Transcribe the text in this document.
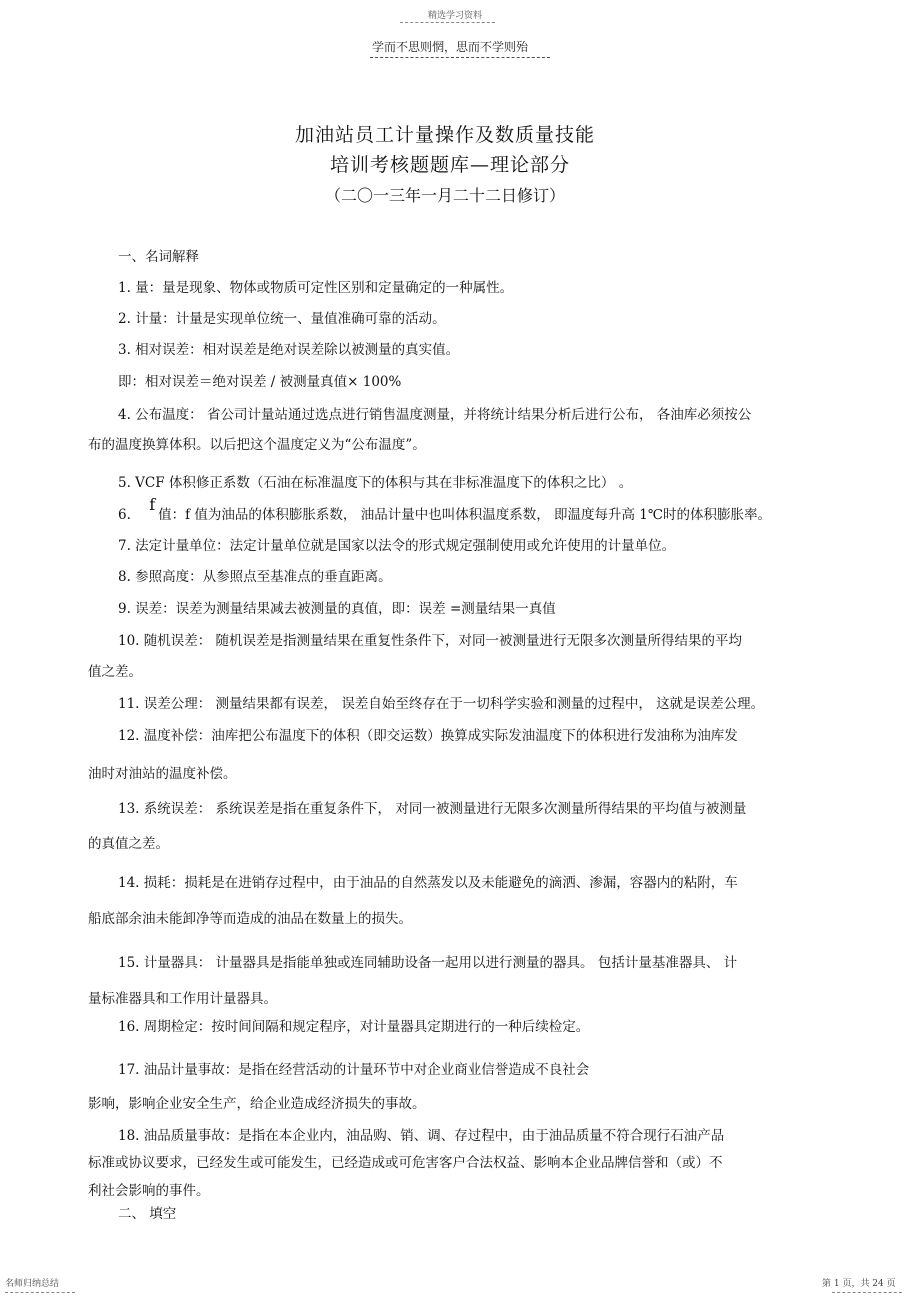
精选学习资料
学而不思则惘，思而不学则殆
加油站员工计量操作及数质量技能
培训考核题题库—理论部分
（二〇一三年一月二十二日修订）
一、名词解释
1. 量：量是现象、物体或物质可定性区别和定量确定的一种属性。
2. 计量：计量是实现单位统一、量值准确可靠的活动。
3. 相对误差：相对误差是绝对误差除以被测量的真实值。
即：相对误差＝绝对误差 / 被测量真值× 100%
4. 公布温度： 省公司计量站通过选点进行销售温度测量，并将统计结果分析后进行公布， 各油库必须按公
布的温度换算体积。以后把这个温度定义为“公布温度”。
5. VCF 体积修正系数（石油在标准温度下的体积与其在非标准温度下的体积之比） 。
6. f值：f 值为油品的体积膨胀系数， 油品计量中也叫体积温度系数， 即温度每升高 1℃时的体积膨胀率。
7. 法定计量单位：法定计量单位就是国家以法令的形式规定强制使用或允许使用的计量单位。
8. 参照高度：从参照点至基准点的垂直距离。
9. 误差：误差为测量结果减去被测量的真值，即：误差 =测量结果一真值
10. 随机误差： 随机误差是指测量结果在重复性条件下，对同一被测量进行无限多次测量所得结果的平均
值之差。
11. 误差公理： 测量结果都有误差， 误差自始至终存在于一切科学实验和测量的过程中， 这就是误差公理。
12. 温度补偿：油库把公布温度下的体积（即交运数）换算成实际发油温度下的体积进行发油称为油库发
油时对油站的温度补偿。
13. 系统误差： 系统误差是指在重复条件下， 对同一被测量进行无限多次测量所得结果的平均值与被测量
的真值之差。
14. 损耗：损耗是在进销存过程中，由于油品的自然蒸发以及未能避免的滴洒、渗漏，容器内的粘附，车
船底部余油未能卸净等而造成的油品在数量上的损失。
15. 计量器具： 计量器具是指能单独或连同辅助设备一起用以进行测量的器具。 包括计量基准器具、 计
量标准器具和工作用计量器具。
16. 周期检定：按时间间隔和规定程序，对计量器具定期进行的一种后续检定。
17. 油品计量事故：是指在经营活动的计量环节中对企业商业信誉造成不良社会
影响，影响企业安全生产，给企业造成经济损失的事故。
18. 油品质量事故：是指在本企业内，油品购、销、调、存过程中，由于油品质量不符合现行石油产品
标准或协议要求，已经发生或可能发生，已经造成或可危害客户合法权益、影响本企业品牌信誉和（或）不
利社会影响的事件。
二、 填空
名师归纳总结	第 1 页，共 24 页
